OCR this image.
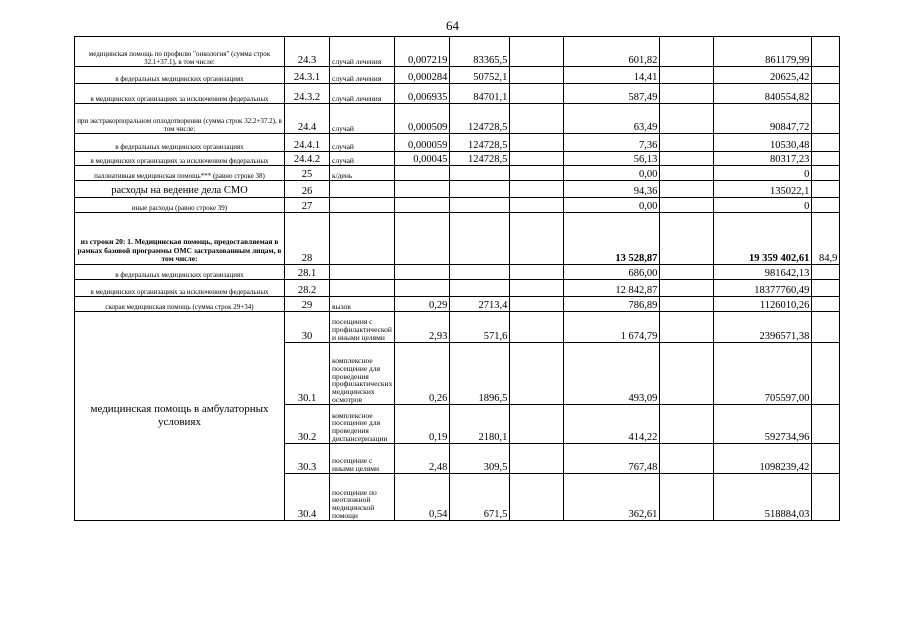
64
медицинская помощь по профилю "онкология" (сумма строк 32.1+37.1), в том числе:	24.3	случай лечения	0,007219	83365,5		601,82		861179,99	
в федеральных медицинских организациях	24.3.1	случай лечения	0,000284	50752,1		14,41		20625,42	
в медицинских организациях за исключением федеральных	24.3.2	случай лечения	0,006935	84701,1		587,49		840554,82	
при экстракорпоральном оплодотворении (сумма строк 32.2+37.2), в том числе:	24.4	случай	0,000509	124728,5		63,49		90847,72	
в федеральных медицинских организациях	24.4.1	случай	0,000059	124728,5		7,36		10530,48	
в медицинских организациях за исключением федеральных	24.4.2	случай	0,00045	124728,5		56,13		80317,23	
паллиативная медицинская помощь*** (равно строке 38)	25	к/день				0,00		0	
расходы на ведение дела СМО	26					94,36		135022,1	
иные расходы (равно строке 39)	27					0,00		0	
из строки 20: 1. Медицинская помощь, предоставляемая в рамках базовой программы ОМС застрахованным лицам, в том числе:	28					13 528,87		19 359 402,61	84,9
в федеральных медицинских организациях	28.1					686,00		981642,13	
в медицинских организациях за исключением федеральных	28.2					12 842,87		18377760,49	
скорая медицинская помощь (сумма строк 29+34)	29	вызов	0,29	2713,4		786,89		1126010,26	
медицинская помощь в амбулаторных условиях	30	посещения с профилактической и иными целями	2,93	571,6		1 674,79		2396571,38	
	30.1	комплексное посещение для проведения профилактических медицинских осмотров	0,26	1896,5		493,09		705597,00	
	30.2	комплексное посещение для проведения диспансеризации	0,19	2180,1		414,22		592734,96	
	30.3	посещение с иными целями	2,48	309,5		767,48		1098239,42	
	30.4	посещение по неотложной медицинской помощи	0,54	671,5		362,61		518884,03	
